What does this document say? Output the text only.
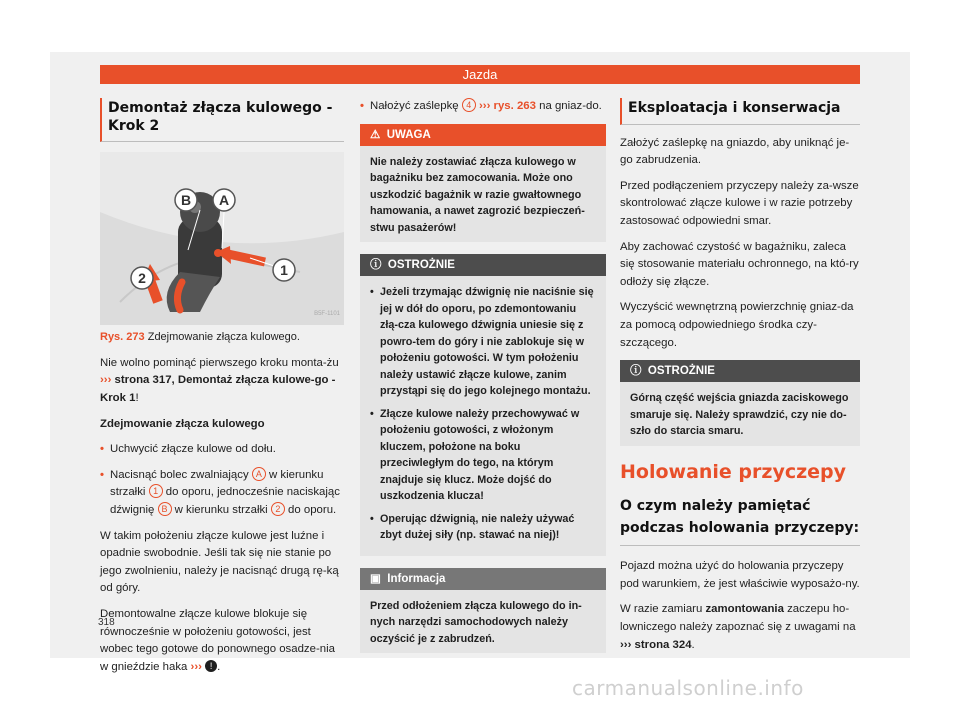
Jazda
Demontaż złącza kulowego - Krok 2
B A
1
2
B5F-1101

Rys. 273 Zdejmowanie złącza kulowego.

Nie wolno pominąć pierwszego kroku monta-żu ››› strona 317, Demontaż złącza kulowe-go - Krok 1!

Zdejmowanie złącza kulowego

• Uchwycić złącze kulowe od dołu.

• Nacisnąć bolec zwalniający A w kierunku strzałki 1 do oporu, jednocześnie naciskając dźwignię B w kierunku strzałki 2 do oporu.

W takim położeniu złącze kulowe jest luźne i opadnie swobodnie. Jeśli tak się nie stanie po jego zwolnieniu, należy je nacisnąć drugą rę-ką od góry.

Demontowalne złącze kulowe blokuje się równocześnie w położeniu gotowości, jest wobec tego gotowe do ponownego osadze-nia w gnieździe haka ››› ! .

• Nałożyć zaślepkę 4 ››› rys. 263 na gniaz-do.

⚠ UWAGA
Nie należy zostawiać złącza kulowego w bagażniku bez zamocowania. Może ono uszkodzić bagażnik w razie gwałtownego hamowania, a nawet zagrozić bezpieczeń-stwu pasażerów!
ⓘ OSTROŻNIE

• Jeżeli trzymając dźwignię nie naciśnie się jej w dół do oporu, po zdemontowaniu złą-cza kulowego dźwignia uniesie się z powro-tem do góry i nie zablokuje się w położeniu gotowości. W tym położeniu należy ustawić złącze kulowe, zanim przystąpi się do jego kolejnego montażu.

• Złącze kulowe należy przechowywać w położeniu gotowości, z włożonym kluczem, położone na boku przeciwległym do tego, na którym znajduje się klucz. Może dojść do uszkodzenia klucza!

• Operując dźwignią, nie należy używać zbyt dużej siły (np. stawać na niej)!

▣ Informacja
Przed odłożeniem złącza kulowego do in-nych narzędzi samochodowych należy oczyścić je z zabrudzeń.
Eksploatacja i konserwacja

Założyć zaślepkę na gniazdo, aby uniknąć je-go zabrudzenia.

Przed podłączeniem przyczepy należy za-wsze skontrolować złącze kulowe i w razie potrzeby zastosować odpowiedni smar.

Aby zachować czystość w bagażniku, zaleca się stosowanie materiału ochronnego, na któ-ry odłoży się złącze.

Wyczyścić wewnętrzną powierzchnię gniaz-da za pomocą odpowiedniego środka czy-szczącego.

ⓘ OSTROŻNIE
Górną część wejścia gniazda zaciskowego smaruje się. Należy sprawdzić, czy nie do-szło do starcia smaru.
Holowanie przyczepy
O czym należy pamiętać podczas holowania przyczepy:

Pojazd można użyć do holowania przyczepy pod warunkiem, że jest właściwie wyposażo-ny.

W razie zamiaru zamontowania zaczepu ho-lowniczego należy zapoznać się z uwagami na ››› strona 324.

318
carmanualsonline.info
